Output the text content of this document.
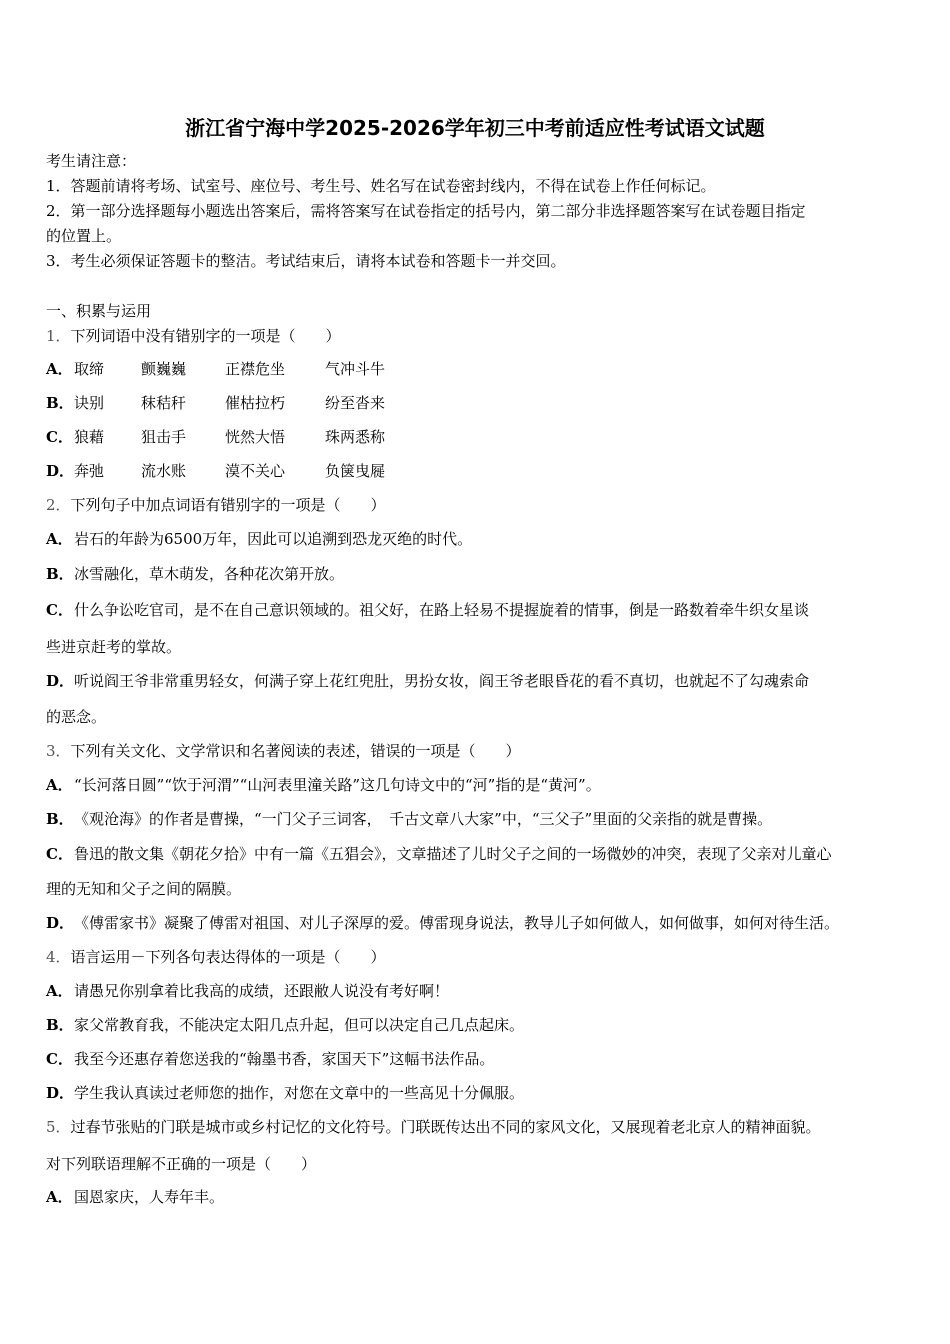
浙江省宁海中学2025-2026学年初三中考前适应性考试语文试题
考生请注意：
1．答题前请将考场、试室号、座位号、考生号、姓名写在试卷密封线内，不得在试卷上作任何标记。
2．第一部分选择题每小题选出答案后，需将答案写在试卷指定的括号内，第二部分非选择题答案写在试卷题目指定
的位置上。
3．考生必须保证答题卡的整洁。考试结束后，请将本试卷和答题卡一并交回。
一、积累与运用
1．下列词语中没有错别字的一项是（　　）
A．取缔 颤巍巍	正襟危坐	气冲斗牛
B．诀别 秣秸秆	催枯拉朽	纷至沓来
C．狼藉 狙击手	恍然大悟	珠两悉称
D．奔弛 流水账	漠不关心	负箧曳屣
2．下列句子中加点词语有错别字的一项是（　　）
A．岩石的年龄为6500万年，因此可以追溯到恐龙灭绝的时代。
B．冰雪融化，草木萌发，各种花次第开放。
C．什么争讼吃官司，是不在自己意识领域的。祖父好，在路上轻易不提握旋着的情事，倒是一路数着牵牛织女星谈
些进京赶考的掌故。
D．听说阎王爷非常重男轻女，何满子穿上花红兜肚，男扮女妆，阎王爷老眼昏花的看不真切，也就起不了勾魂索命
的恶念。
3．下列有关文化、文学常识和名著阅读的表述，错误的一项是（　　）
A．“长河落日圆”“饮于河渭”“山河表里潼关路”这几句诗文中的“河”指的是“黄河”。
B．《观沧海》的作者是曹操，“一门父子三词客，　千古文章八大家”中，“三父子”里面的父亲指的就是曹操。
C．鲁迅的散文集《朝花夕拾》中有一篇《五猖会》，文章描述了儿时父子之间的一场微妙的冲突，表现了父亲对儿童心
理的无知和父子之间的隔膜。
D．《傅雷家书》凝聚了傅雷对祖国、对儿子深厚的爱。傅雷现身说法，教导儿子如何做人，如何做事，如何对待生活。
4．语言运用－下列各句表达得体的一项是（　　）
A．请愚兄你别拿着比我高的成绩，还跟敝人说没有考好啊！
B．家父常教育我，不能决定太阳几点升起，但可以决定自己几点起床。
C．我至今还惠存着您送我的“翰墨书香，家国天下”这幅书法作品。
D．学生我认真读过老师您的拙作，对您在文章中的一些高见十分佩服。
5．过春节张贴的门联是城市或乡村记忆的文化符号。门联既传达出不同的家风文化，又展现着老北京人的精神面貌。
对下列联语理解不正确的一项是（　　）
A．国恩家庆，人寿年丰。
